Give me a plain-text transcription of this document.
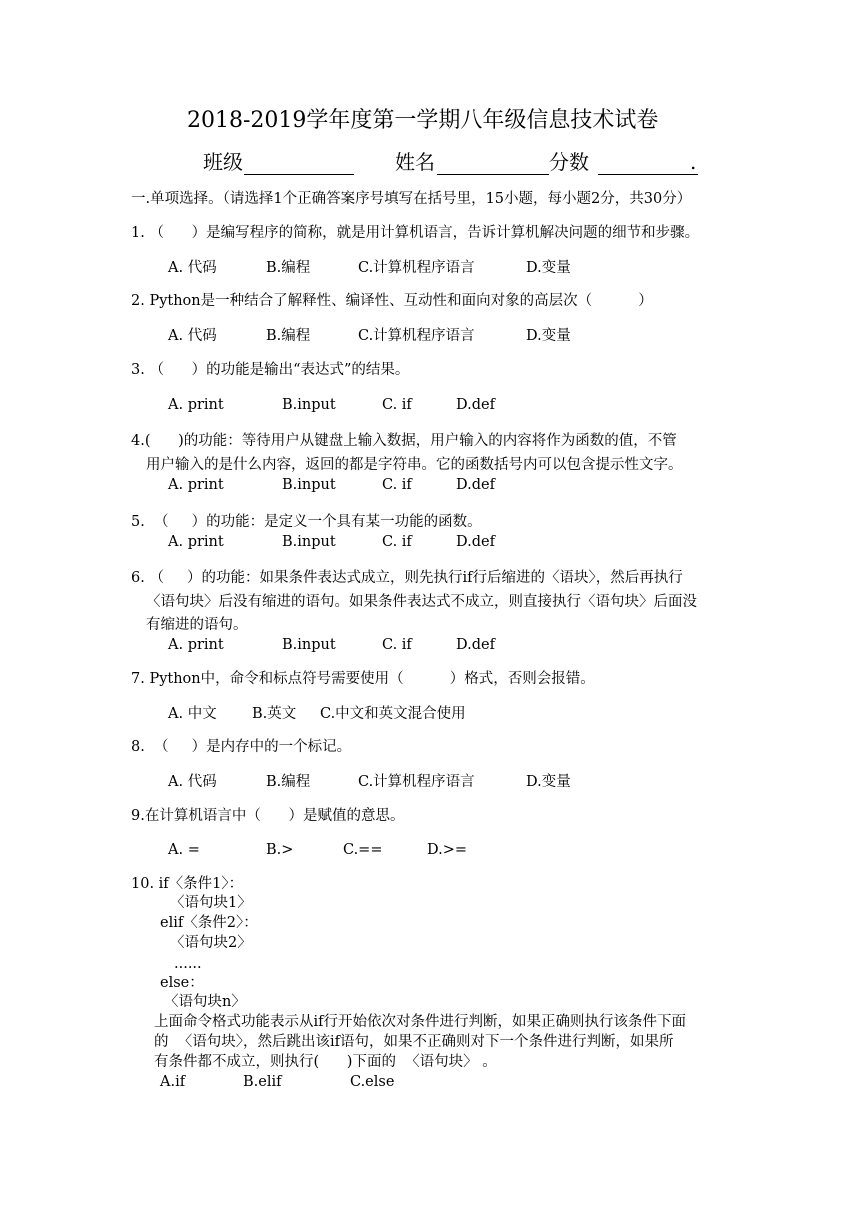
2018-2019学年度第一学期八年级信息技术试卷
班级	姓名	分数	.
一.单项选择。（请选择1个正确答案序号填写在括号里，15小题，每小题2分，共30分）
1. （      ）是编写程序的简称，就是用计算机语言，告诉计算机解决问题的细节和步骤。
A. 代码	B.编程	C.计算机程序语言	D.变量
2. Python是一种结合了解释性、编译性、互动性和面向对象的高层次（          ）
A. 代码	B.编程	C.计算机程序语言	D.变量
3. （      ）的功能是输出“表达式”的结果。
A. print	B.input	C. if	D.def
4.(      )的功能：等待用户从键盘上输入数据，用户输入的内容将作为函数的值，不管
用户输入的是什么内容，返回的都是字符串。它的函数括号内可以包含提示性文字。
A. print	B.input	C. if	D.def
5.  （     ）的功能：是定义一个具有某一功能的函数。
A. print	B.input	C. if	D.def
6. （     ）的功能：如果条件表达式成立，则先执行if行后缩进的〈语块〉，然后再执行
〈语句块〉后没有缩进的语句。如果条件表达式不成立，则直接执行〈语句块〉后面没
有缩进的语句。
A. print	B.input	C. if	D.def
7. Python中，命令和标点符号需要使用（          ）格式，否则会报错。
A. 中文 B.英文 C.中文和英文混合使用
8.  （     ）是内存中的一个标记。
A. 代码	B.编程	C.计算机程序语言	D.变量
9.在计算机语言中（      ）是赋值的意思。
A. =	B.>	C.==	D.>=
10. if〈条件1〉：
〈语句块1〉
elif〈条件2〉：
〈语句块2〉
......
else：
〈语句块n〉
上面命令格式功能表示从if行开始依次对条件进行判断，如果正确则执行该条件下面
的  〈语句块〉，然后跳出该if语句，如果不正确则对下一个条件进行判断，如果所
有条件都不成立，则执行(      )下面的  〈语句块〉 。
A.if	B.elif	C.else
